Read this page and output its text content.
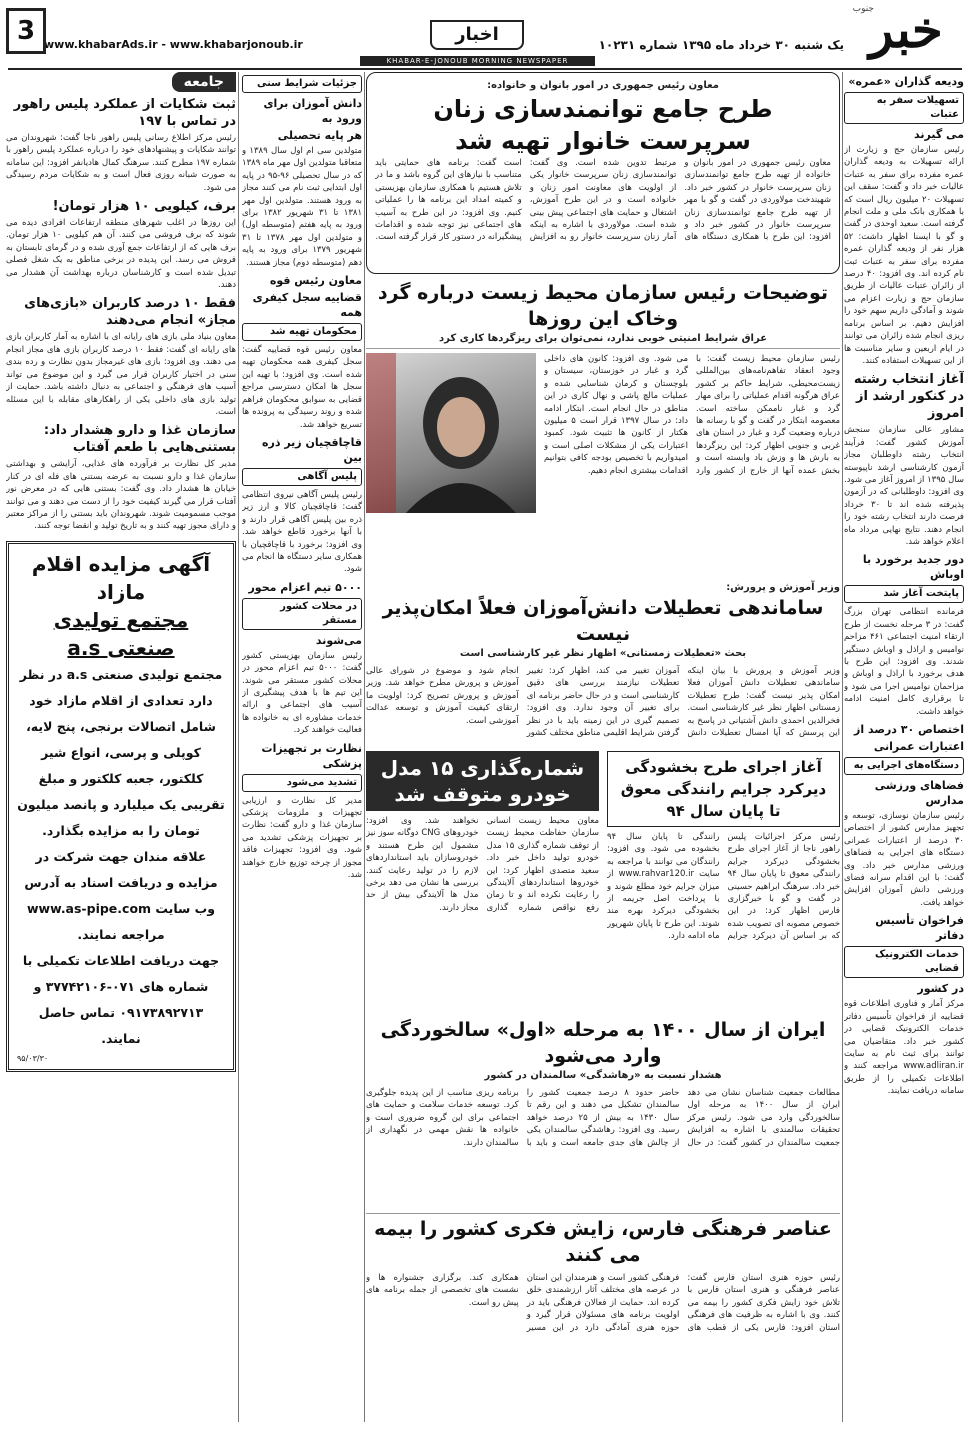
خبر
جنوب
یک شنبه ۳۰ خرداد ماه ۱۳۹۵ شماره ۱۰۲۳۱
اخبار
www.khabarAds.ir - www.khabarjonoub.ir
3
KHABAR-E-JONOUB MORNING NEWSPAPER
ودیعه گذاران «عمره»
تسهیلات سفر به عتبات
می گیرند

رئیس سازمان حج و زیارت از ارائه تسهیلات به ودیعه گذاران عمره مفرده برای سفر به عتبات عالیات خبر داد و گفت: سقف این تسهیلات ۲۰ میلیون ریال است که با همکاری بانک ملی و ملت انجام گرفته است. سعید اوحدی در گفت و گو با ایسنا اظهار داشت: ۵۲ هزار نفر از ودیعه گذاران عمره مفرده برای سفر به عتبات ثبت نام کرده اند. وی افزود: ۴۰ درصد از زائران عتبات عالیات از طریق سازمان حج و زیارت اعزام می شوند و آمادگی داریم سهم خود را افزایش دهیم. بر اساس برنامه ریزی انجام شده زائران می توانند در ایام اربعین و سایر مناسبت ها از این تسهیلات استفاده کنند.

آغاز انتخاب رشته در کنکور ارشد از امروز

مشاور عالی سازمان سنجش آموزش کشور گفت: فرآیند انتخاب رشته داوطلبان مجاز آزمون کارشناسی ارشد ناپیوسته سال ۱۳۹۵ از امروز آغاز می شود. وی افزود: داوطلبانی که در آزمون پذیرفته شده اند تا ۳۰ خرداد فرصت دارند انتخاب رشته خود را انجام دهند. نتایج نهایی مرداد ماه اعلام خواهد شد.

دور جدید برخورد با اوباش
پایتخت آغاز شد

فرمانده انتظامی تهران بزرگ گفت: در ۳ مرحله نخست از طرح ارتقاء امنیت اجتماعی ۴۶۱ مزاحم نوامیس و اراذل و اوباش دستگیر شدند. وی افزود: این طرح با هدف برخورد با اراذل و اوباش و مزاحمان نوامیس اجرا می شود و تا برقراری کامل امنیت ادامه خواهد داشت.

اختصاص ۳۰ درصد از
اعتبارات عمرانی
دستگاه‌های اجرایی به
فضاهای ورزشی مدارس

رئیس سازمان نوسازی، توسعه و تجهیز مدارس کشور از اختصاص ۳۰ درصد از اعتبارات عمرانی دستگاه های اجرایی به فضاهای ورزشی مدارس خبر داد. وی گفت: با این اقدام سرانه فضای ورزشی دانش آموزان افزایش خواهد یافت.

فراخوان تأسیس دفاتر
خدمات الکترونیک قضایی
در کشور

مرکز آمار و فناوری اطلاعات قوه قضاییه از فراخوان تأسیس دفاتر خدمات الکترونیک قضایی در کشور خبر داد. متقاضیان می توانند برای ثبت نام به سایت www.adliran.ir مراجعه کنند و اطلاعات تکمیلی را از طریق سامانه دریافت نمایند.

معاون رئیس جمهوری در امور بانوان و خانواده:
طرح جامع توانمندسازی زنان سرپرست خانوار تهیه شد

معاون رئیس جمهوری در امور بانوان و خانواده از تهیه طرح جامع توانمندسازی زنان سرپرست خانوار در کشور خبر داد. شهیندخت مولاوردی در گفت و گو با مهر از تهیه طرح جامع توانمندسازی زنان سرپرست خانوار در کشور خبر داد و افزود: این طرح با همکاری دستگاه های مرتبط تدوین شده است. وی گفت: توانمندسازی زنان سرپرست خانوار یکی از اولویت های معاونت امور زنان و خانواده است و در این طرح آموزش، اشتغال و حمایت های اجتماعی پیش بینی شده است. مولاوردی با اشاره به اینکه آمار زنان سرپرست خانوار رو به افزایش است گفت: برنامه های حمایتی باید متناسب با نیازهای این گروه باشد و ما در تلاش هستیم با همکاری سازمان بهزیستی و کمیته امداد این برنامه ها را عملیاتی کنیم. وی افزود: در این طرح به آسیب های اجتماعی نیز توجه شده و اقدامات پیشگیرانه در دستور کار قرار گرفته است.

توضیحات رئیس سازمان محیط زیست درباره گرد وخاک این روزها
عراق شرایط امنیتی خوبی ندارد، نمی‌توان برای ریزگردها کاری کرد

رئیس سازمان محیط زیست گفت: با وجود انعقاد تفاهم‌نامه‌های بین‌المللی زیست‌محیطی، شرایط حاکم بر کشور عراق هرگونه اقدام عملیاتی را برای مهار گرد و غبار ناممکن ساخته است. معصومه ابتکار در گفت و گو با رسانه ها درباره وضعیت گرد و غبار در استان های غربی و جنوبی اظهار کرد: این ریزگردها به بارش ها و وزش باد وابسته است و بخش عمده آنها از خارج از کشور وارد می شود. وی افزود: کانون های داخلی گرد و غبار در خوزستان، سیستان و بلوچستان و کرمان شناسایی شده و عملیات مالچ پاشی و نهال کاری در این مناطق در حال انجام است. ابتکار ادامه داد: در سال ۱۳۹۷ قرار است ۵ میلیون هکتار از کانون ها تثبیت شود. کمبود اعتبارات یکی از مشکلات اصلی است و امیدواریم با تخصیص بودجه کافی بتوانیم اقدامات بیشتری انجام دهیم.

وزیر آموزش و پرورش:
ساماندهی تعطیلات دانش‌آموزان فعلاً امکان‌پذیر نیست
بحث «تعطیلات زمستانی» اظهار نظر غیر کارشناسی است

وزیر آموزش و پرورش با بیان اینکه ساماندهی تعطیلات دانش آموزان فعلا امکان پذیر نیست گفت: طرح تعطیلات زمستانی اظهار نظر غیر کارشناسی است. فخرالدین احمدی دانش آشتیانی در پاسخ به این پرسش که آیا امسال تعطیلات دانش آموزان تغییر می کند، اظهار کرد: تغییر تعطیلات نیازمند بررسی های دقیق کارشناسی است و در حال حاضر برنامه ای برای تغییر آن وجود ندارد. وی افزود: تصمیم گیری در این زمینه باید با در نظر گرفتن شرایط اقلیمی مناطق مختلف کشور انجام شود و موضوع در شورای عالی آموزش و پرورش مطرح خواهد شد. وزیر آموزش و پرورش تصریح کرد: اولویت ما ارتقای کیفیت آموزش و توسعه عدالت آموزشی است.

آغاز اجرای طرح بخشودگی دیرکرد جرایم رانندگی معوق تا پایان سال ۹۴

رئیس مرکز اجرائیات پلیس راهور ناجا از آغاز اجرای طرح بخشودگی دیرکرد جرایم رانندگی معوق تا پایان سال ۹۴ خبر داد. سرهنگ ابراهیم حسینی در گفت و گو با خبرگزاری فارس اظهار کرد: در این خصوص مصوبه ای تصویب شده که بر اساس آن دیرکرد جرایم رانندگی تا پایان سال ۹۴ بخشوده می شود. وی افزود: رانندگان می توانند با مراجعه به سایت www.rahvar120.ir از میزان جرایم خود مطلع شوند و با پرداخت اصل جریمه از بخشودگی دیرکرد بهره مند شوند. این طرح تا پایان شهریور ماه ادامه دارد.

شماره‌گذاری ۱۵ مدل خودرو متوقف شد

معاون محیط زیست انسانی سازمان حفاظت محیط زیست از توقف شماره گذاری ۱۵ مدل خودرو تولید داخل خبر داد. سعید متصدی اظهار کرد: این خودروها استانداردهای آلایندگی را رعایت نکرده اند و تا زمان رفع نواقص شماره گذاری نخواهند شد. وی افزود: خودروهای CNG دوگانه سوز نیز مشمول این طرح هستند و خودروسازان باید استانداردهای لازم را در تولید رعایت کنند. بررسی ها نشان می دهد برخی مدل ها آلایندگی بیش از حد مجاز دارند.

ایران از سال ۱۴۰۰ به مرحله «اول» سالخوردگی وارد می‌شود
هشدار نسبت به «رهاشدگی» سالمندان در کشور

مطالعات جمعیت شناسان نشان می دهد ایران از سال ۱۴۰۰ به مرحله اول سالخوردگی وارد می شود. رئیس مرکز تحقیقات سالمندی با اشاره به افزایش جمعیت سالمندان در کشور گفت: در حال حاضر حدود ۸ درصد جمعیت کشور را سالمندان تشکیل می دهند و این رقم تا سال ۱۴۳۰ به بیش از ۲۵ درصد خواهد رسید. وی افزود: رهاشدگی سالمندان یکی از چالش های جدی جامعه است و باید با برنامه ریزی مناسب از این پدیده جلوگیری کرد. توسعه خدمات سلامت و حمایت های اجتماعی برای این گروه ضروری است و خانواده ها نقش مهمی در نگهداری از سالمندان دارند.

عناصر فرهنگی فارس، زایش فکری کشور را بیمه می کنند

رئیس حوزه هنری استان فارس گفت: عناصر فرهنگی و هنری استان فارس با تلاش خود زایش فکری کشور را بیمه می کنند. وی با اشاره به ظرفیت های فرهنگی استان افزود: فارس یکی از قطب های فرهنگی کشور است و هنرمندان این استان در عرصه های مختلف آثار ارزشمندی خلق کرده اند. حمایت از فعالان فرهنگی باید در اولویت برنامه های مسئولان قرار گیرد و حوزه هنری آمادگی دارد در این مسیر همکاری کند. برگزاری جشنواره ها و نشست های تخصصی از جمله برنامه های پیش رو است.

جزئیات شرایط سنی
دانش آموزان برای ورود به
هر پایه تحصیلی

متولدین سی ام اول سال ۱۳۸۹ و متعاقبا متولدین اول مهر ماه ۱۳۸۹ که در سال تحصیلی ۹۶-۹۵ در پایه اول ابتدایی ثبت نام می کنند مجاز به ورود هستند. متولدین اول مهر ۱۳۸۱ تا ۳۱ شهریور ۱۳۸۲ برای ورود به پایه هفتم (متوسطه اول) و متولدین اول مهر ۱۳۷۸ تا ۳۱ شهریور ۱۳۷۹ برای ورود به پایه دهم (متوسطه دوم) مجاز هستند.

معاون رئیس قوه
قضاییه سجل کیفری همه
محکومان تهیه شد

معاون رئیس قوه قضاییه گفت: سجل کیفری همه محکومان تهیه شده است. وی افزود: با تهیه این سجل ها امکان دسترسی مراجع قضایی به سوابق محکومان فراهم شده و روند رسیدگی به پرونده ها تسریع خواهد شد.

قاچاقچیان زیر ذره بین
پلیس آگاهی

رئیس پلیس آگاهی نیروی انتظامی گفت: قاچاقچیان کالا و ارز زیر ذره بین پلیس آگاهی قرار دارند و با آنها برخورد قاطع خواهد شد. وی افزود: برخورد با قاچاقچیان با همکاری سایر دستگاه ها انجام می شود.

۵۰۰۰ تیم اعزام محور
در محلات کشور مستقر
می‌شوند

رئیس سازمان بهزیستی کشور گفت: ۵۰۰۰ تیم اعزام محور در محلات کشور مستقر می شوند. این تیم ها با هدف پیشگیری از آسیب های اجتماعی و ارائه خدمات مشاوره ای به خانواده ها فعالیت خواهند کرد.

نظارت بر تجهیزات پزشکی
تشدید می‌شود

مدیر کل نظارت و ارزیابی تجهیزات و ملزومات پزشکی سازمان غذا و دارو گفت: نظارت بر تجهیزات پزشکی تشدید می شود. وی افزود: تجهیزات فاقد مجوز از چرخه توزیع خارج خواهند شد.

جامعه
ثبت شکایات از عملکرد پلیس راهور در تماس با ۱۹۷

رئیس مرکز اطلاع رسانی پلیس راهور ناجا گفت: شهروندان می توانند شکایات و پیشنهادهای خود را درباره عملکرد پلیس راهور با شماره ۱۹۷ مطرح کنند. سرهنگ کمال هادیانفر افزود: این سامانه به صورت شبانه روزی فعال است و به شکایات مردم رسیدگی می شود.

برف، کیلویی ۱۰ هزار تومان!

این روزها در اغلب شهرهای منطقه ارتفاعات افرادی دیده می شوند که برف فروشی می کنند. آن هم کیلویی ۱۰ هزار تومان. برف هایی که از ارتفاعات جمع آوری شده و در گرمای تابستان به فروش می رسد. این پدیده در برخی مناطق به یک شغل فصلی تبدیل شده است و کارشناسان درباره بهداشت آن هشدار می دهند.

فقط ۱۰ درصد کاربران «بازی‌های مجاز» انجام می‌دهند

معاون بنیاد ملی بازی های رایانه ای با اشاره به آمار کاربران بازی های رایانه ای گفت: فقط ۱۰ درصد کاربران بازی های مجاز انجام می دهند. وی افزود: بازی های غیرمجاز بدون نظارت و رده بندی سنی در اختیار کاربران قرار می گیرد و این موضوع می تواند آسیب های فرهنگی و اجتماعی به دنبال داشته باشد. حمایت از تولید بازی های داخلی یکی از راهکارهای مقابله با این مسئله است.

سازمان غذا و دارو هشدار داد: بستنی‌هایی با طعم آفتاب

مدیر کل نظارت بر فرآورده های غذایی، آرایشی و بهداشتی سازمان غذا و دارو نسبت به عرضه بستنی های فله ای در کنار خیابان ها هشدار داد. وی گفت: بستنی هایی که در معرض نور آفتاب قرار می گیرند کیفیت خود را از دست می دهند و می توانند موجب مسمومیت شوند. شهروندان باید بستنی را از مراکز معتبر و دارای مجوز تهیه کنند و به تاریخ تولید و انقضا توجه کنند.

آگهی مزایده اقلام مازاد
مجتمع تولیدی صنعتی a.s

مجتمع تولیدی صنعتی a.s در نظر دارد تعدادی از اقلام مازاد خود شامل اتصالات برنجی، پنج لایه، کوپلی و پرسی، انواع شیر کلکتور، جعبه کلکتور و مبلغ تقریبی یک میلیارد و پانصد میلیون تومان را به مزایده بگذارد.

علاقه مندان جهت شرکت در مزایده و دریافت اسناد به آدرس وب سایت www.as-pipe.com مراجعه نمایند.

جهت دریافت اطلاعات تکمیلی با شماره های ۰۷۱-۳۷۷۴۲۱۰۶ و ۰۹۱۷۳۸۹۲۷۱۳ تماس حاصل نمایند.

۹۵/۰۳/۳۰
